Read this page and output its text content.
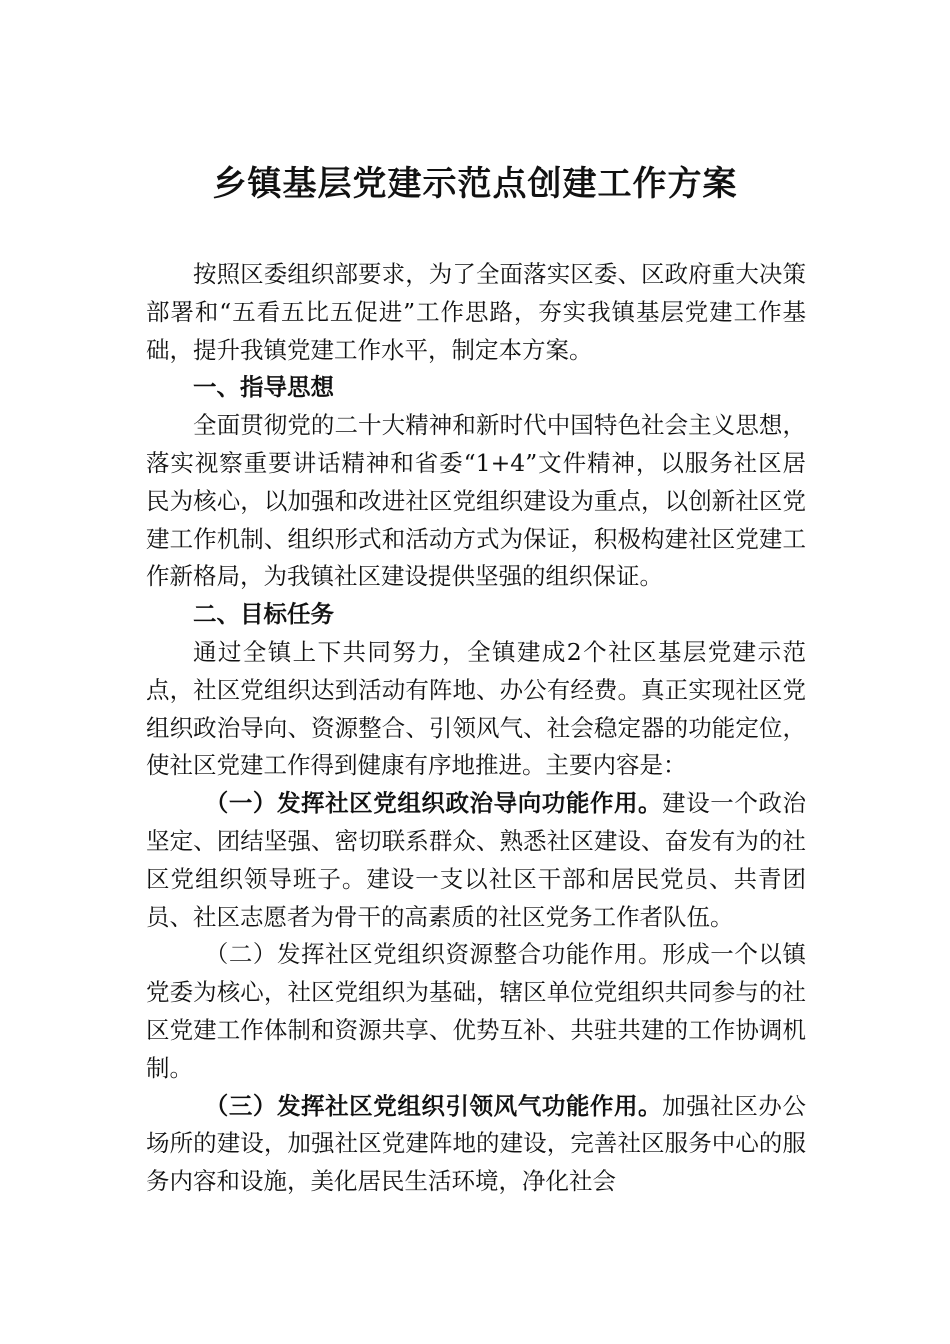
乡镇基层党建示范点创建工作方案

按照区委组织部要求，为了全面落实区委、区政府重大决策部署和“五看五比五促进”工作思路，夯实我镇基层党建工作基础，提升我镇党建工作水平，制定本方案。

一、指导思想

全面贯彻党的二十大精神和新时代中国特色社会主义思想，落实视察重要讲话精神和省委“1+4”文件精神，以服务社区居民为核心，以加强和改进社区党组织建设为重点，以创新社区党建工作机制、组织形式和活动方式为保证，积极构建社区党建工作新格局，为我镇社区建设提供坚强的组织保证。

二、目标任务

通过全镇上下共同努力，全镇建成2个社区基层党建示范点，社区党组织达到活动有阵地、办公有经费。真正实现社区党组织政治导向、资源整合、引领风气、社会稳定器的功能定位，使社区党建工作得到健康有序地推进。主要内容是：

（一）发挥社区党组织政治导向功能作用。建设一个政治坚定、团结坚强、密切联系群众、熟悉社区建设、奋发有为的社区党组织领导班子。建设一支以社区干部和居民党员、共青团员、社区志愿者为骨干的高素质的社区党务工作者队伍。

（二）发挥社区党组织资源整合功能作用。形成一个以镇党委为核心，社区党组织为基础，辖区单位党组织共同参与的社区党建工作体制和资源共享、优势互补、共驻共建的工作协调机制。

（三）发挥社区党组织引领风气功能作用。加强社区办公场所的建设，加强社区党建阵地的建设，完善社区服务中心的服务内容和设施，美化居民生活环境，净化社会
